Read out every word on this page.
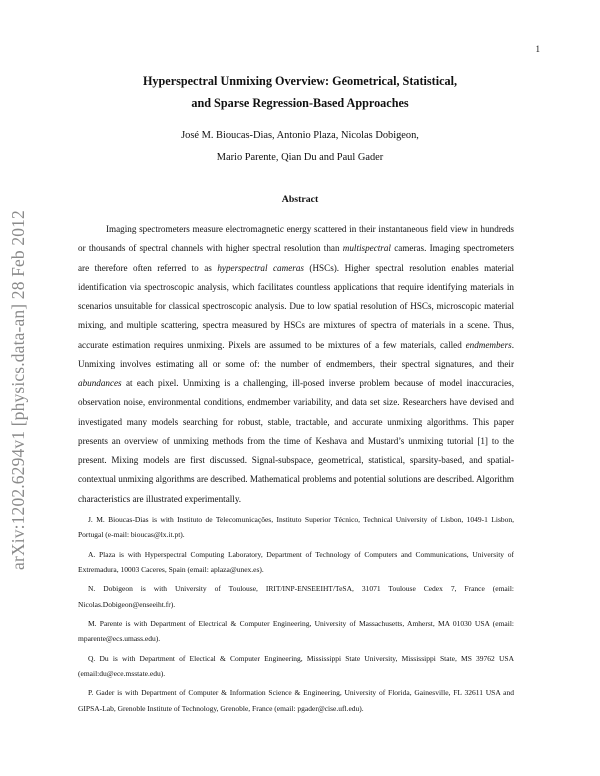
1
arXiv:1202.6294v1 [physics.data-an] 28 Feb 2012
Hyperspectral Unmixing Overview: Geometrical, Statistical,
and Sparse Regression-Based Approaches
José M. Bioucas-Dias, Antonio Plaza, Nicolas Dobigeon,
Mario Parente, Qian Du and Paul Gader
Abstract

Imaging spectrometers measure electromagnetic energy scattered in their instantaneous field view in hundreds or thousands of spectral channels with higher spectral resolution than multispectral cameras. Imaging spectrometers are therefore often referred to as hyperspectral cameras (HSCs). Higher spectral resolution enables material identification via spectroscopic analysis, which facilitates countless applications that require identifying materials in scenarios unsuitable for classical spectroscopic analysis. Due to low spatial resolution of HSCs, microscopic material mixing, and multiple scattering, spectra measured by HSCs are mixtures of spectra of materials in a scene. Thus, accurate estimation requires unmixing. Pixels are assumed to be mixtures of a few materials, called endmembers. Unmixing involves estimating all or some of: the number of endmembers, their spectral signatures, and their abundances at each pixel. Unmixing is a challenging, ill-posed inverse problem because of model inaccuracies, observation noise, environmental conditions, endmember variability, and data set size. Researchers have devised and investigated many models searching for robust, stable, tractable, and accurate unmixing algorithms. This paper presents an overview of unmixing methods from the time of Keshava and Mustard’s unmixing tutorial [1] to the present. Mixing models are first discussed. Signal-subspace, geometrical, statistical, sparsity-based, and spatial-contextual unmixing algorithms are described. Mathematical problems and potential solutions are described. Algorithm characteristics are illustrated experimentally.

J. M. Bioucas-Dias is with Instituto de Telecomunicações, Instituto Superior Técnico, Technical University of Lisbon, 1049-1 Lisbon, Portugal (e-mail: bioucas@lx.it.pt).

A. Plaza is with Hyperspectral Computing Laboratory, Department of Technology of Computers and Communications, University of Extremadura, 10003 Caceres, Spain (email: aplaza@unex.es).

N. Dobigeon is with University of Toulouse, IRIT/INP-ENSEEIHT/TeSA, 31071 Toulouse Cedex 7, France (email: Nicolas.Dobigeon@enseeiht.fr).

M. Parente is with Department of Electrical & Computer Engineering, University of Massachusetts, Amherst, MA 01030 USA (email: mparente@ecs.umass.edu).

Q. Du is with Department of Electical & Computer Engineering, Mississippi State University, Mississippi State, MS 39762 USA (email:du@ece.msstate.edu).

P. Gader is with Department of Computer & Information Science & Engineering, University of Florida, Gainesville, FL 32611 USA and GIPSA-Lab, Grenoble Institute of Technology, Grenoble, France (email: pgader@cise.ufl.edu).
